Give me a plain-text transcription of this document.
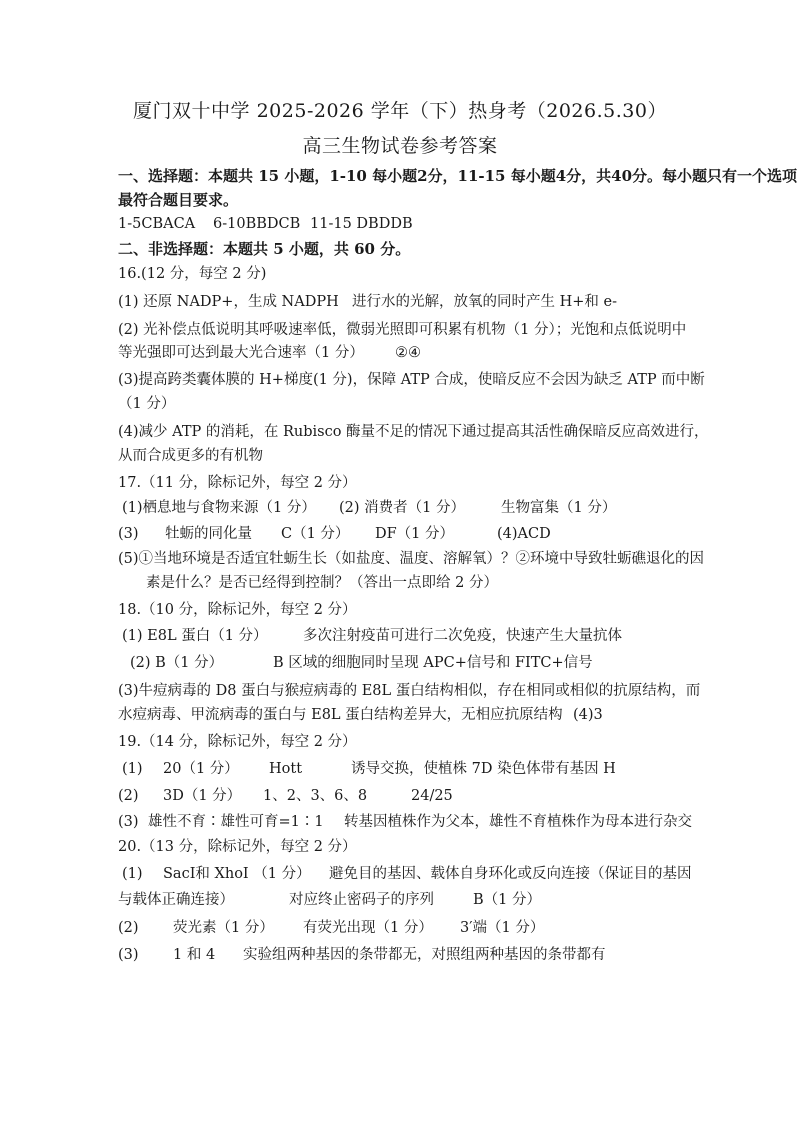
厦门双十中学 2025-2026 学年（下）热身考（2026.5.30）
高三生物试卷参考答案
一、选择题：本题共 15 小题，1-10 每小题2分，11-15 每小题4分，共40分。每小题只有一个选项
最符合题目要求。
1-5CBACA 6-10BBDCB 11-15 DBDDB
二、非选择题：本题共 5 小题，共 60 分。
16.(12 分，每空 2 分)
(1) 还原 NADP+，生成 NADPH 进行水的光解，放氧的同时产生 H+和 e-
(2) 光补偿点低说明其呼吸速率低，微弱光照即可积累有机物（1 分）；光饱和点低说明中
等光强即可达到最大光合速率（1 分） ②④
(3)提高跨类囊体膜的 H+梯度(1 分)，保障 ATP 合成，使暗反应不会因为缺乏 ATP 而中断
（1 分）
(4)减少 ATP 的消耗，在 Rubisco 酶量不足的情况下通过提高其活性确保暗反应高效进行，
从而合成更多的有机物
17.（11 分，除标记外，每空 2 分）
(1)栖息地与食物来源（1 分） (2) 消费者（1 分） 生物富集（1 分）
(3) 牡蛎的同化量 C（1 分） DF（1 分）	(4)ACD
(5)①当地环境是否适宜牡蛎生长（如盐度、温度、溶解氧）？②环境中导致牡蛎礁退化的因
素是什么？是否已经得到控制？（答出一点即给 2 分）
18.（10 分，除标记外，每空 2 分）
(1) E8L 蛋白（1 分） 多次注射疫苗可进行二次免疫，快速产生大量抗体
(2) B（1 分）	B 区域的细胞同时呈现 APC+信号和 FITC+信号
(3)牛痘病毒的 D8 蛋白与猴痘病毒的 E8L 蛋白结构相似，存在相同或相似的抗原结构，而
水痘病毒、甲流病毒的蛋白与 E8L 蛋白结构差异大，无相应抗原结构 (4)3
19.（14 分，除标记外，每空 2 分）
(1) 20（1 分） Hott	诱导交换，使植株 7D 染色体带有基因 H
(2) 3D（1 分） 1、2、3、6、8	24/25
(3) 雄性不育∶雄性可育=1∶1 转基因植株作为父本，雄性不育植株作为母本进行杂交
20.（13 分，除标记外，每空 2 分）
(1) SacI和 XhoI （1 分） 避免目的基因、载体自身环化或反向连接（保证目的基因
与载体正确连接）	对应终止密码子的序列	B（1 分）
(2) 荧光素（1 分） 有荧光出现（1 分） 3′端（1 分）
(3) 1 和 4 实验组两种基因的条带都无，对照组两种基因的条带都有
